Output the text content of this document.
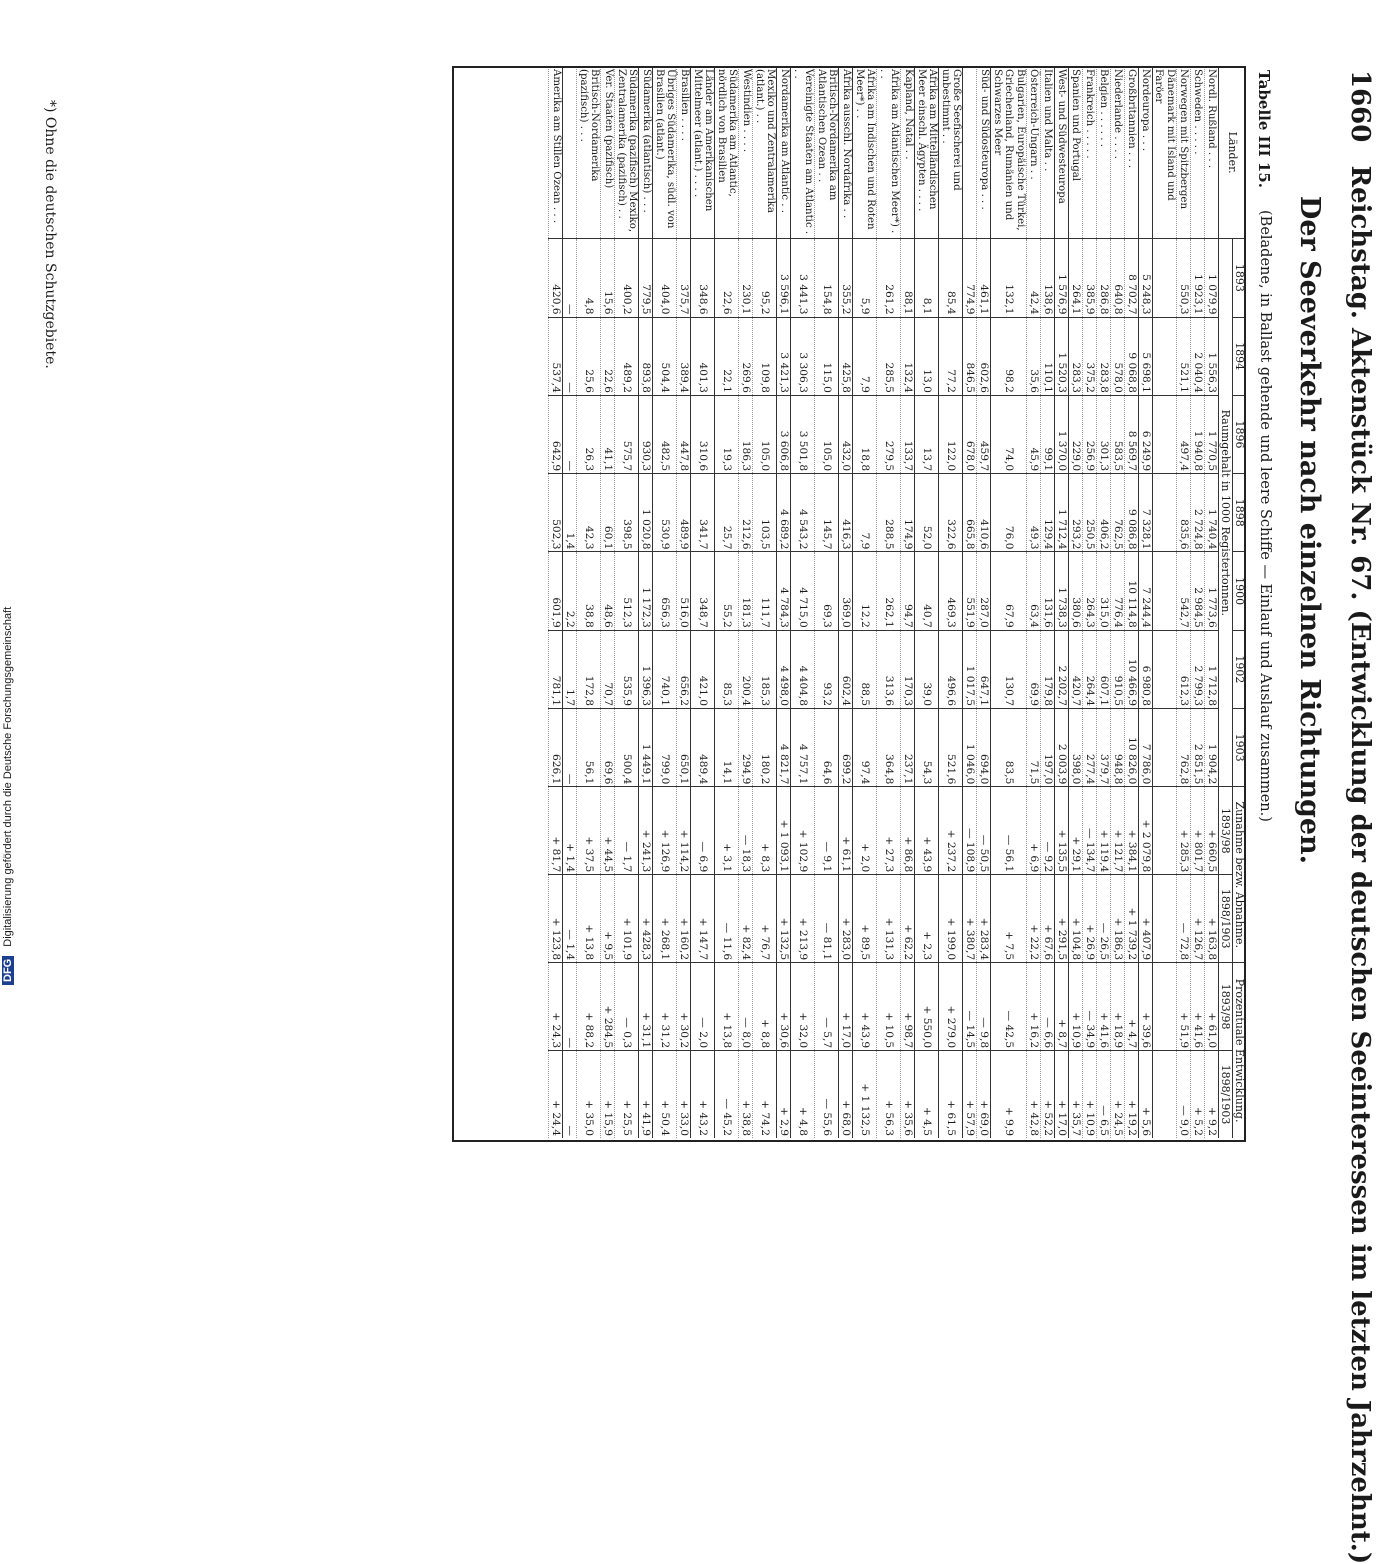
1660 Reichstag. Aktenstück Nr. 67. (Entwicklung der deutschen Seeinteressen im letzten Jahrzehnt.)
Der Seeverkehr nach einzelnen Richtungen.
Tabelle III 15.
(Beladene, in Ballast gehende und leere Schiffe — Einlauf und Auslauf zusammen.)
Länder.	1893	1894	1896	1898	1900	1902	1903	Zunahme bezw. Abnahme.		Prozentuale Entwicklung.	
	Raumgehalt in 1000 Registertonnen.							1893/98	1898/1903	1893/98	1898/1903
Nordl. Rußland . . .	1 079,9	1 556,3	1 770,5	1 740,4	1 773,6	1 712,8	1 904,2	+ 660,5	+ 163,8	+ 61,0	+ 9,2
Schweden . . . . .	1 923,1	2 040,4	1 940,8	2 724,8	2 984,5	2 799,3	2 851,5	+ 801,7	+ 126,7	+ 41,6	+ 5,2
Norwegen mit Spitzbergen	550,3	521,1	497,4	835,6	542,7	612,3	762,8	+ 285,3	— 72,8	+ 51,9	— 9,0
Dänemark mit Island und Faröer											
Nordeuropa . . .	5 248,3	5 698,1	6 249,9	7 328,1	7 244,4	6 980,8	7 786,0	+ 2 079,8	+ 407,9	+ 39,6	+ 5,6
Großbritannien . . .	8 702,7	9 068,8	8 569,7	9 086,8	10 114,8	10 466,9	10 826,0	+ 384,1	+ 1 739,2	+ 4,7	+ 19,2
Niederlande . . . .	640,8	578,0	583,5	762,5	776,4	910,5	948,8	+ 121,7	+ 186,3	+ 18,9	+ 24,5
Belgien . . . . . .	286,8	283,8	301,3	406,2	315,0	607,1	379,7	+ 119,4	— 26,5	+ 41,6	— 6,5
Frankreich . . . . .	385,9	375,2	256,9	250,5	264,3	264,4	277,4	— 134,7	+ 26,9	— 34,9	+ 10,9
Spanien und Portugal	264,1	283,3	229,0	293,2	380,6	420,7	398,0	+ 29,1	+ 104,8	+ 10,9	+ 35,7
West- und Südwesteuropa	1 576,9	1 520,3	1 370,0	1 712,4	1 738,3	2 202,7	2 003,9	+ 135,5	+ 291,5	+ 8,7	+ 17,0
Italien und Malta . .	138,6	110,1	99,1	129,4	131,6	179,8	197,0	— 9,2	+ 67,6	— 6,6	+ 52,2
Österreich-Ungarn . .	42,4	35,6	45,9	49,3	63,4	69,9	71,5	+ 6,9	+ 22,2	+ 16,2	+ 42,8
Bulgarien, Europäische Türkei, Griechenland, Rumänien und Schwarzes Meer	132,1	98,2	74,0	76,0	67,9	130,7	83,5	— 56,1	+ 7,5	— 42,5	+ 9,9
Süd- und Südosteuropa . . .	461,1	602,6	459,7	410,6	287,0	647,1	694,0	— 50,5	+ 283,4	— 9,8	+ 69,0
	774,9	846,5	678,0	665,8	551,9	1 017,5	1 046,0	— 108,9	+ 380,7	— 14,5	+ 57,9
Große Seefischerei und unbestimmt . .	85,4	77,2	122,0	322,6	469,3	496,6	521,6	+ 237,2	+ 199,0	+ 279,0	+ 61,5
Afrika am Mittelländischen Meer einschl. Ägypten . . . .	8,1	13,0	13,7	52,0	40,7	39,0	54,3	+ 43,9	+ 2,3	+ 550,0	+ 4,5
Kapland, Natal . .	88,1	132,4	133,7	174,9	94,7	170,3	237,1	+ 86,8	+ 62,2	+ 98,7	+ 35,6
Afrika am Atlantischen Meer*) . . .	261,2	285,5	279,5	288,5	262,1	313,6	364,8	+ 27,3	+ 131,3	+ 10,5	+ 56,3
Afrika am Indischen und Roten Meer*) . .	5,9	7,9	18,8	7,9	12,2	88,5	97,4	+ 2,0	+ 89,5	+ 43,9	+ 1 132,5
Afrika ausschl. Nordafrika . .	355,2	425,8	432,0	416,3	369,0	602,4	699,2	+ 61,1	+ 283,0	+ 17,0	+ 68,0
Britisch-Nordamerika am Atlantischen Ozean . .	154,8	115,0	105,0	145,7	69,3	93,2	64,6	— 9,1	— 81,1	— 5,7	— 55,6
Vereinigte Staaten am Atlantic . . .	3 441,3	3 306,3	3 501,8	4 543,2	4 715,0	4 404,8	4 757,1	+ 102,9	+ 213,9	+ 32,0	+ 4,8
Nordamerika am Atlantic . .	3 596,1	3 421,3	3 606,8	4 689,2	4 784,3	4 498,0	4 821,7	+ 1 093,1	+ 132,5	+ 30,6	+ 2,9
Mexiko und Zentralamerika (atlant.) . .	95,2	109,8	105,0	103,5	111,7	185,3	180,2	+ 8,3	+ 76,7	+ 8,8	+ 74,2
Westindien . . . .	230,1	269,6	186,3	212,6	181,3	200,4	294,9	— 18,3	+ 82,4	— 8,0	+ 38,8
Südamerika am Atlantic, nördlich von Brasilien	22,6	22,1	19,3	25,7	55,2	85,3	14,1	+ 3,1	— 11,6	+ 13,8	— 45,2
Länder am Amerikanischen Mittelmeer (atlant.) . . . .	348,6	401,3	310,6	341,7	348,7	421,0	489,4	— 6,9	+ 147,7	— 2,0	+ 43,2
Brasilien . . . .	375,7	389,4	447,8	489,9	516,0	656,2	650,1	+ 114,2	+ 160,2	+ 30,2	+ 33,0
Übriges Südamerika, südl. von Brasilien (atlant.)	404,0	504,4	482,5	530,9	656,3	740,1	799,0	+ 126,9	+ 268,1	+ 31,2	+ 50,4
Südamerika (atlantisch) . . .	779,5	893,8	930,3	1 020,8	1 172,3	1 396,3	1 449,1	+ 241,3	+ 428,3	+ 31,1	+ 41,9
Südamerika (pazifisch) Mexiko, Zentralamerika (pazifisch) . .	400,2	489,2	575,7	398,5	512,3	535,9	500,4	— 1,7	+ 101,9	— 0,3	+ 25,5
Ver. Staaten (pazifisch)	15,6	22,6	41,1	60,1	48,6	70,7	69,6	+ 44,5	+ 9,5	+ 284,5	+ 15,9
Britisch-Nordamerika (pazifisch) . . .	4,8	25,6	26,3	42,3	38,8	172,8	56,1	+ 37,5	+ 13,8	+ 88,2	+ 35,0
	—	—	—	1,4	2,2	1,7	—	+ 1,4	— 1,4	—	—
Amerika am Stillen Ozean . . .	420,6	537,4	642,9	502,3	601,9	781,1	626,1	+ 81,7	+ 123,8	+ 24,3	+ 24,4
*) Ohne die deutschen Schutzgebiete.
DFG Digitalisierung gefördert durch die Deutsche Forschungsgemeinschaft
